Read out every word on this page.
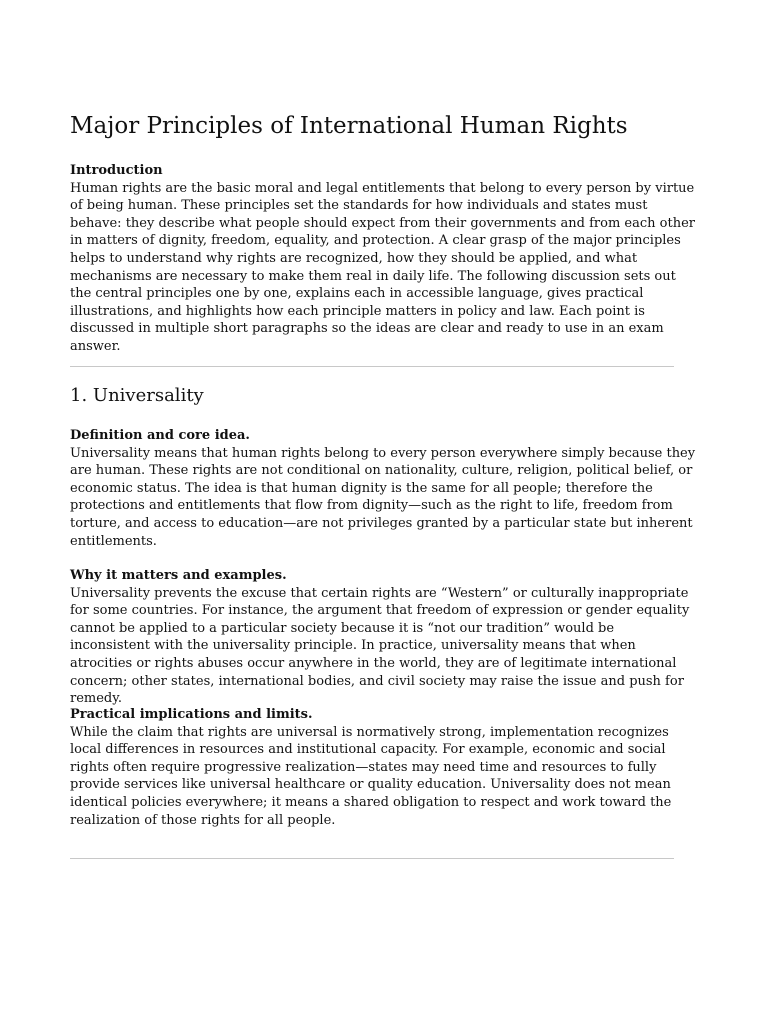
Major Principles of International Human Rights

Introduction

Human rights are the basic moral and legal entitlements that belong to every person by virtue of being human. These principles set the standards for how individuals and states must behave: they describe what people should expect from their governments and from each other in matters of dignity, freedom, equality, and protection. A clear grasp of the major principles helps to understand why rights are recognized, how they should be applied, and what mechanisms are necessary to make them real in daily life. The following discussion sets out the central principles one by one, explains each in accessible language, gives practical illustrations, and highlights how each principle matters in policy and law. Each point is discussed in multiple short paragraphs so the ideas are clear and ready to use in an exam answer.

1. Universality

Definition and core idea.

Universality means that human rights belong to every person everywhere simply because they are human. These rights are not conditional on nationality, culture, religion, political belief, or economic status. The idea is that human dignity is the same for all people; therefore the protections and entitlements that flow from dignity—such as the right to life, freedom from torture, and access to education—are not privileges granted by a particular state but inherent entitlements.

Why it matters and examples.

Universality prevents the excuse that certain rights are “Western” or culturally inappropriate for some countries. For instance, the argument that freedom of expression or gender equality cannot be applied to a particular society because it is “not our tradition” would be inconsistent with the universality principle. In practice, universality means that when atrocities or rights abuses occur anywhere in the world, they are of legitimate international concern; other states, international bodies, and civil society may raise the issue and push for remedy.

Practical implications and limits.

While the claim that rights are universal is normatively strong, implementation recognizes local differences in resources and institutional capacity. For example, economic and social rights often require progressive realization—states may need time and resources to fully provide services like universal healthcare or quality education. Universality does not mean identical policies everywhere; it means a shared obligation to respect and work toward the realization of those rights for all people.
